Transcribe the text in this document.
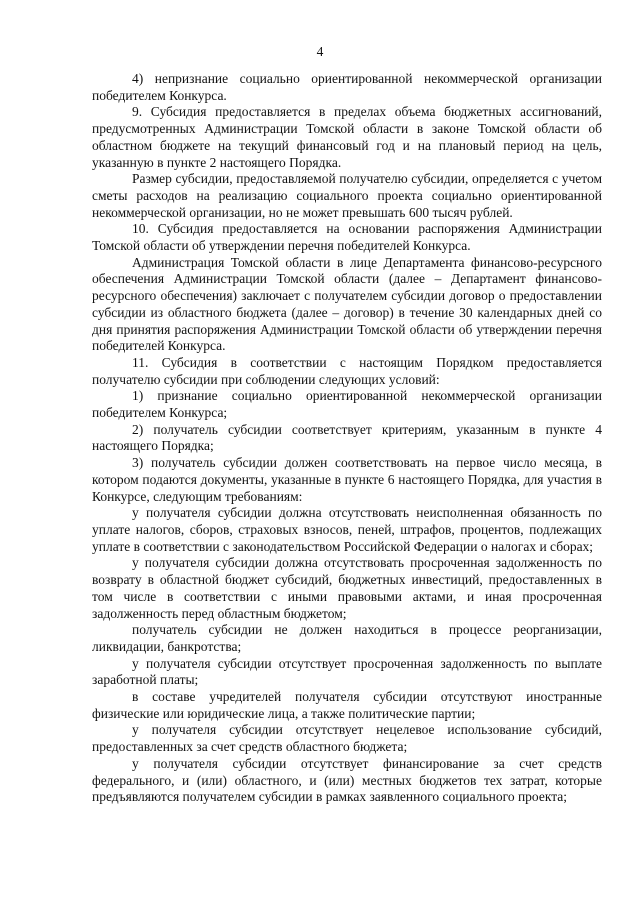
4

4) непризнание социально ориентированной некоммерческой организации победителем Конкурса.

9. Субсидия предоставляется в пределах объема бюджетных ассигнований, предусмотренных Администрации Томской области в законе Томской области об областном бюджете на текущий финансовый год и на плановый период на цель, указанную в пункте 2 настоящего Порядка.

Размер субсидии, предоставляемой получателю субсидии, определяется с учетом сметы расходов на реализацию социального проекта социально ориентированной некоммерческой организации, но не может превышать 600 тысяч рублей.

10. Субсидия предоставляется на основании распоряжения Администрации Томской области об утверждении перечня победителей Конкурса.

Администрация Томской области в лице Департамента финансово-ресурсного обеспечения Администрации Томской области (далее – Департамент финансово-ресурсного обеспечения) заключает с получателем субсидии договор о предоставлении субсидии из областного бюджета (далее – договор) в течение 30 календарных дней со дня принятия распоряжения Администрации Томской области об утверждении перечня победителей Конкурса.

11. Субсидия в соответствии с настоящим Порядком предоставляется получателю субсидии при соблюдении следующих условий:

1) признание социально ориентированной некоммерческой организации победителем Конкурса;

2) получатель субсидии соответствует критериям, указанным в пункте 4 настоящего Порядка;

3) получатель субсидии должен соответствовать на первое число месяца, в котором подаются документы, указанные в пункте 6 настоящего Порядка, для участия в Конкурсе, следующим требованиям:

у получателя субсидии должна отсутствовать неисполненная обязанность по уплате налогов, сборов, страховых взносов, пеней, штрафов, процентов, подлежащих уплате в соответствии с законодательством Российской Федерации о налогах и сборах;

у получателя субсидии должна отсутствовать просроченная задолженность по возврату в областной бюджет субсидий, бюджетных инвестиций, предоставленных в том числе в соответствии с иными правовыми актами, и иная просроченная задолженность перед областным бюджетом;

получатель субсидии не должен находиться в процессе реорганизации, ликвидации, банкротства;

у получателя субсидии отсутствует просроченная задолженность по выплате заработной платы;

в составе учредителей получателя субсидии отсутствуют иностранные физические или юридические лица, а также политические партии;

у получателя субсидии отсутствует нецелевое использование субсидий, предоставленных за счет средств областного бюджета;

у получателя субсидии отсутствует финансирование за счет средств федерального, и (или) областного, и (или) местных бюджетов тех затрат, которые предъявляются получателем субсидии в рамках заявленного социального проекта;
